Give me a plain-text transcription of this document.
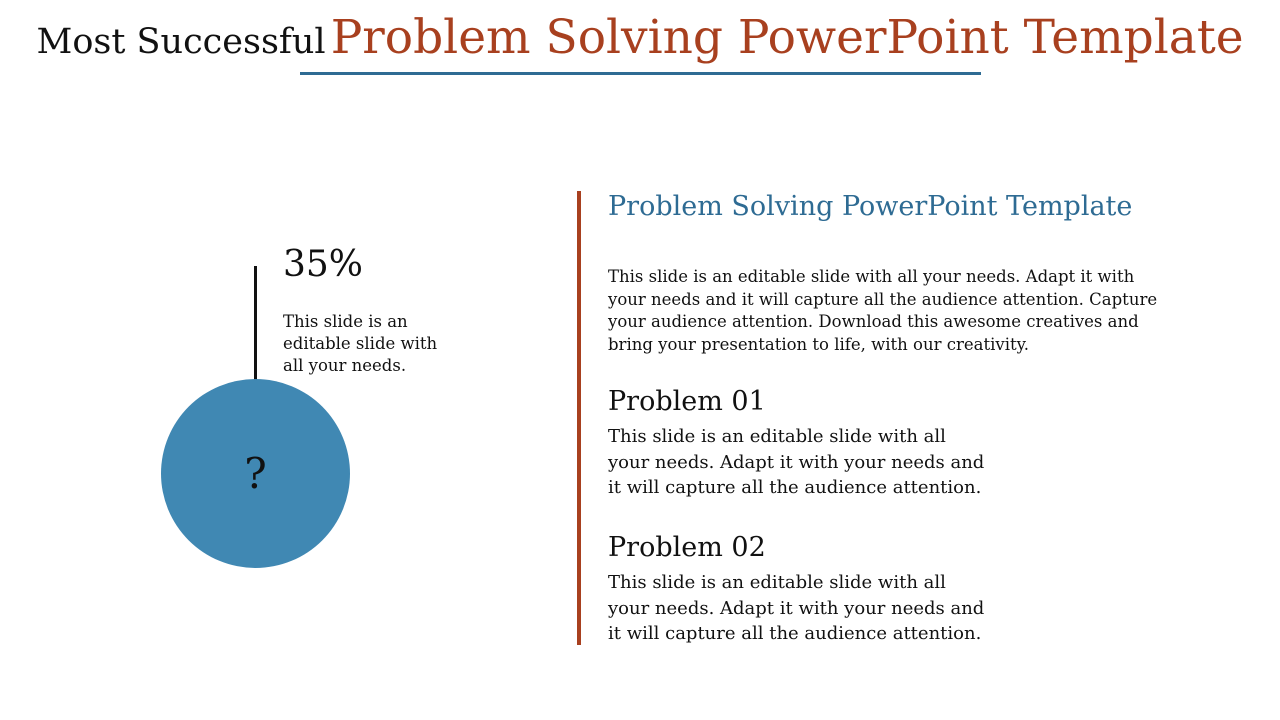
Most Successful Problem Solving PowerPoint Template
?
35%
This slide is an editable slide with all your needs.
Problem Solving PowerPoint Template
This slide is an editable slide with all your needs. Adapt it with your needs and it will capture all the audience attention. Capture your audience attention. Download this awesome creatives and bring your presentation to life, with our creativity.
Problem 01
This slide is an editable slide with all your needs. Adapt it with your needs and it will capture all the audience attention.
Problem 02
This slide is an editable slide with all your needs. Adapt it with your needs and it will capture all the audience attention.
